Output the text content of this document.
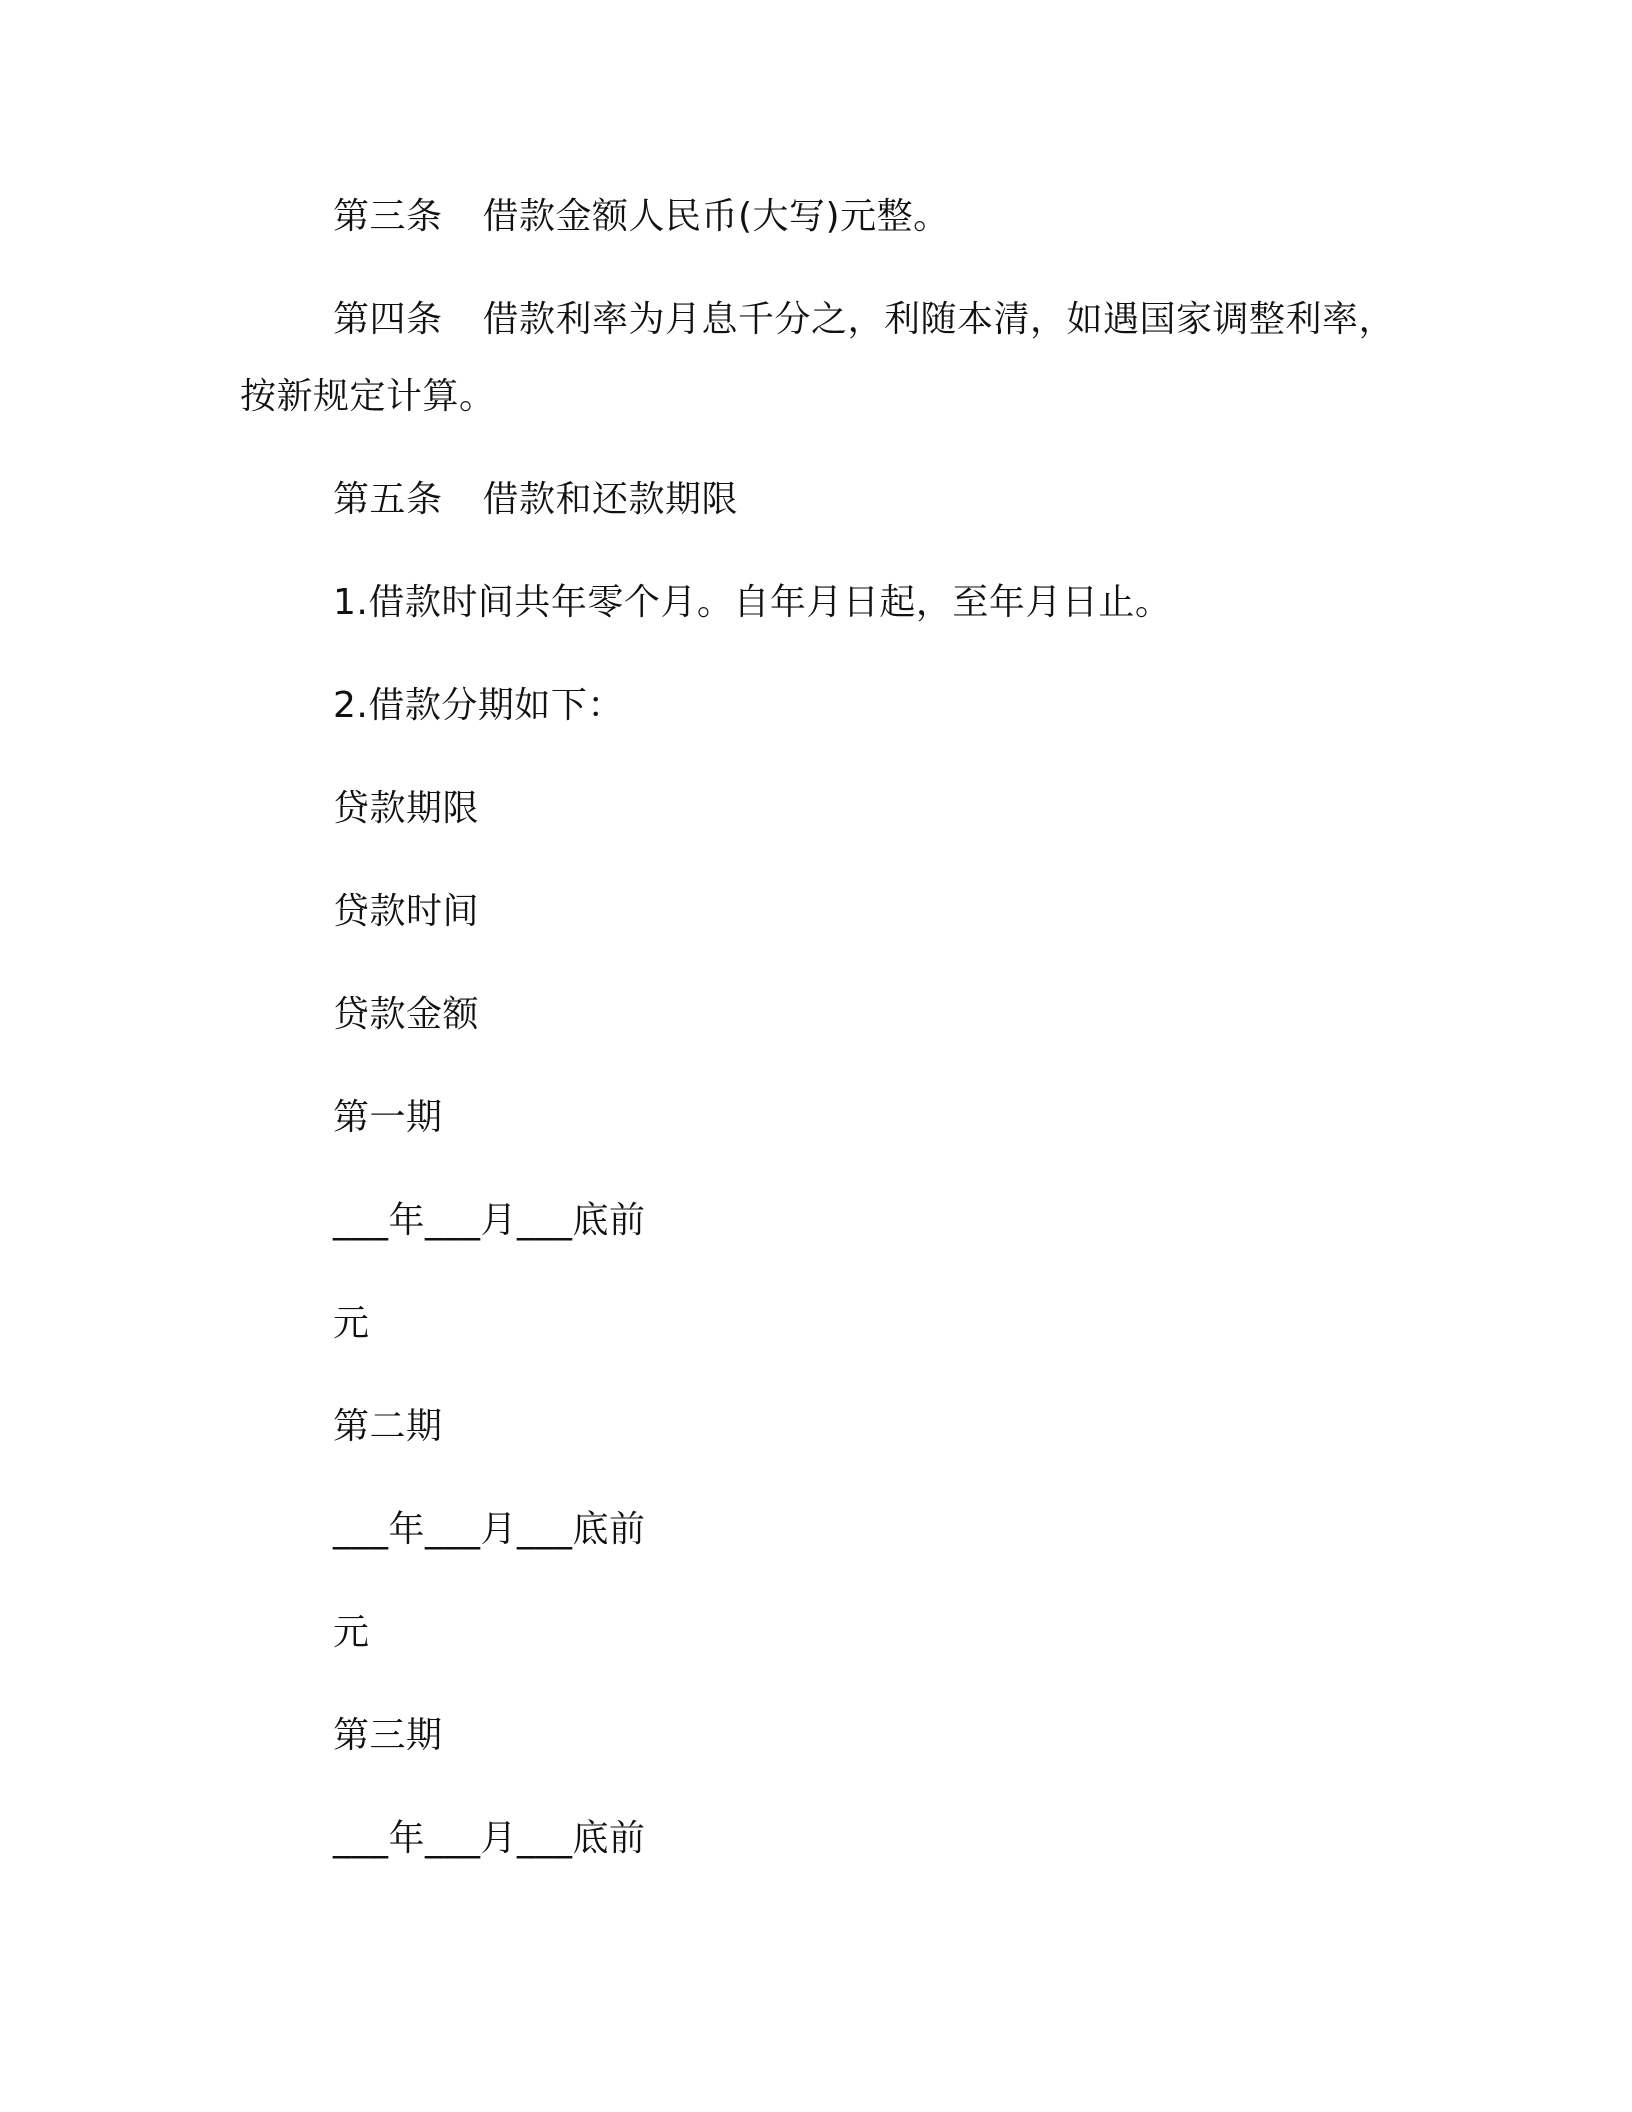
第三条 借款金额人民币(大写)元整。
第四条 借款利率为月息千分之，利随本清，如遇国家调整利率，
按新规定计算。
第五条 借款和还款期限
1.借款时间共年零个月。自年月日起，至年月日止。
2.借款分期如下：
贷款期限
贷款时间
贷款金额
第一期
___年___月___底前
元
第二期
___年___月___底前
元
第三期
___年___月___底前
